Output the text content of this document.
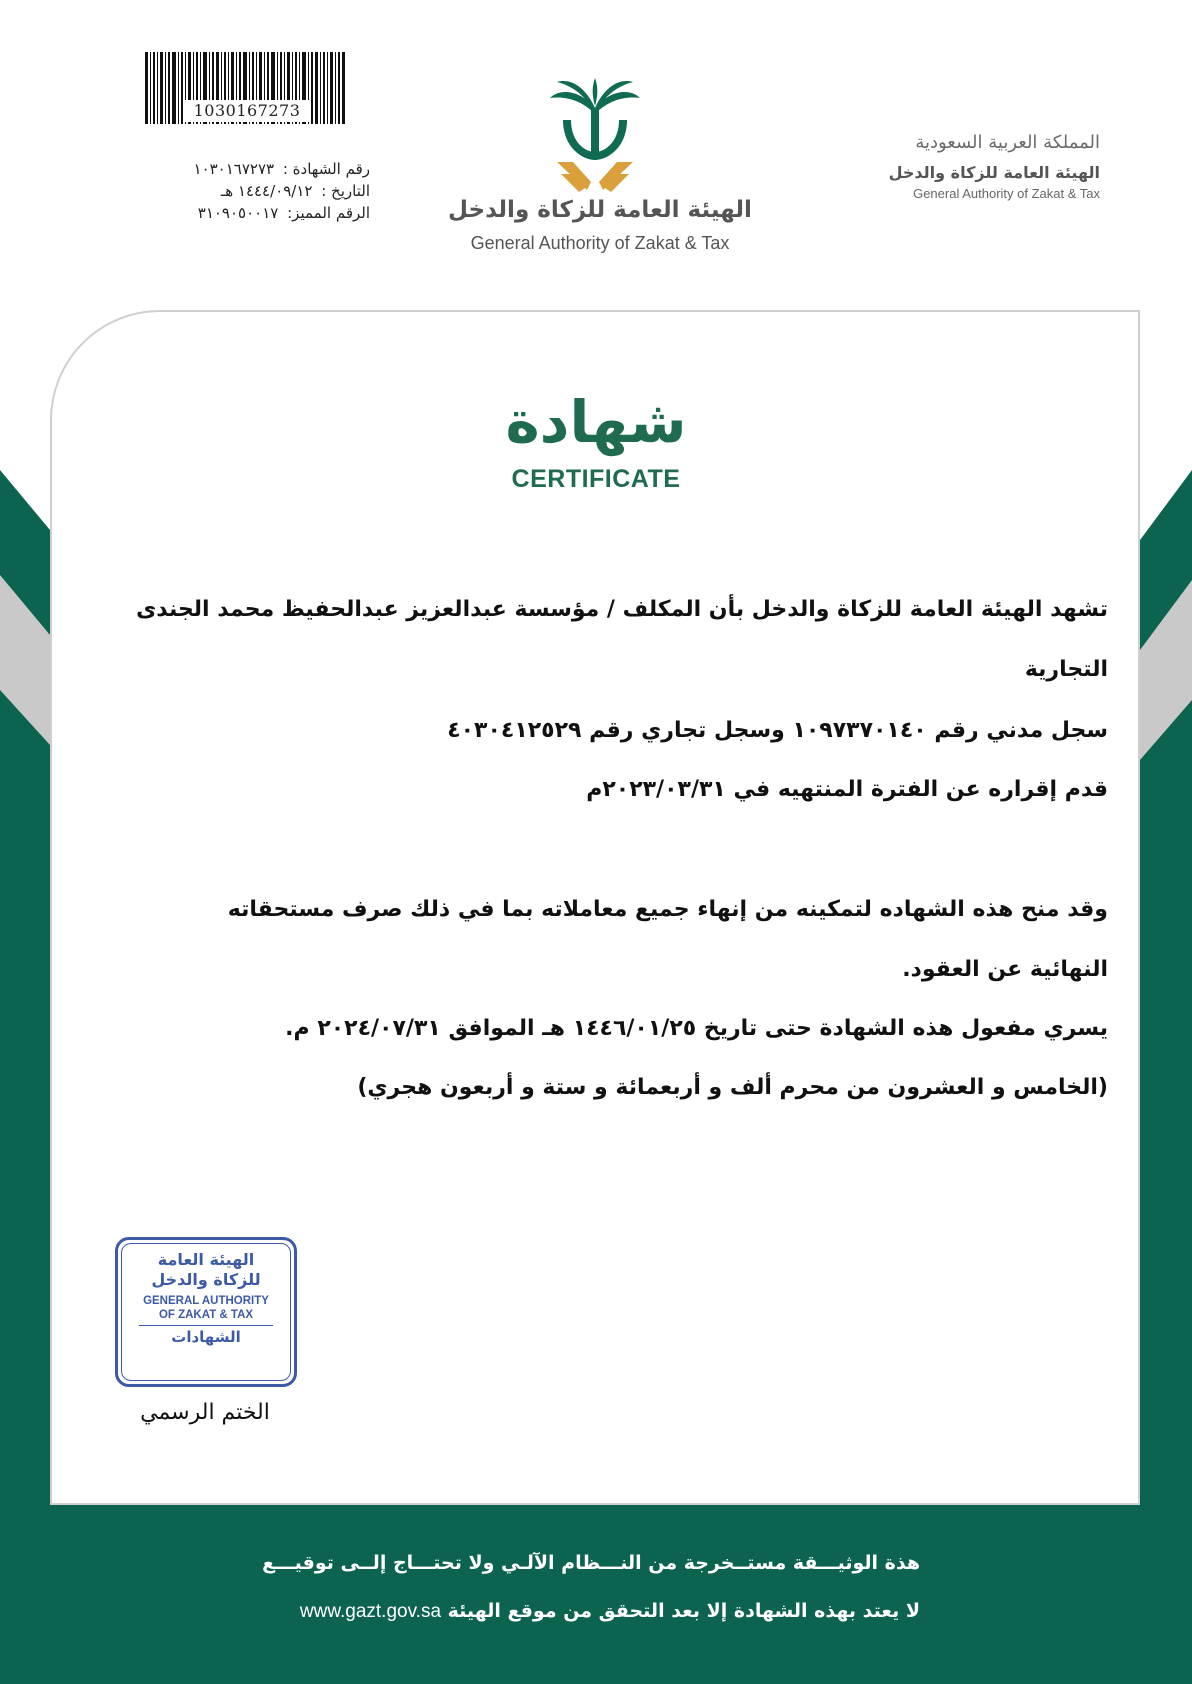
1030167273
رقم الشهادة : ١٠٣٠١٦٧٢٧٣
التاريخ : ١٤٤٤/٠٩/١٢ هـ
الرقم المميز: ٣١٠٩٠٥٠٠١٧	الهيئة العامة للزكاة والدخل
General Authority of Zakat & Tax
المملكة العربية السعودية
الهيئة العامة للزكاة والدخل
General Authority of Zakat & Tax
شهادة
CERTIFICATE
تشهد الهيئة العامة للزكاة والدخل بأن المكلف / مؤسسة عبدالعزيز عبدالحفيظ محمد الجندى
التجارية
سجل مدني رقم ١٠٩٧٣٧٠١٤٠ وسجل تجاري رقم ٤٠٣٠٤١٢٥٢٩
قدم إقراره عن الفترة المنتهيه في ٢٠٢٣/٠٣/٣١م
وقد منح هذه الشهاده لتمكينه من إنهاء جميع معاملاته بما في ذلك صرف مستحقاته
النهائية عن العقود.
يسري مفعول هذه الشهادة حتى تاريخ ١٤٤٦/٠١/٢٥ هـ الموافق ٢٠٢٤/٠٧/٣١ م.
(الخامس و العشرون من محرم ألف و أربعمائة و ستة و أربعون هجري)
الهيئة العامة
للزكاة والدخل
GENERAL AUTHORITY
OF ZAKAT & TAX
الشهادات
الختم الرسمي
هذة الوثيـــقة مستــخرجة من النـــظام الآلـي ولا تحتـــاج إلــى توقيـــع
لا يعتد بهذه الشهادة إلا بعد التحقق من موقع الهيئة www.gazt.gov.sa
